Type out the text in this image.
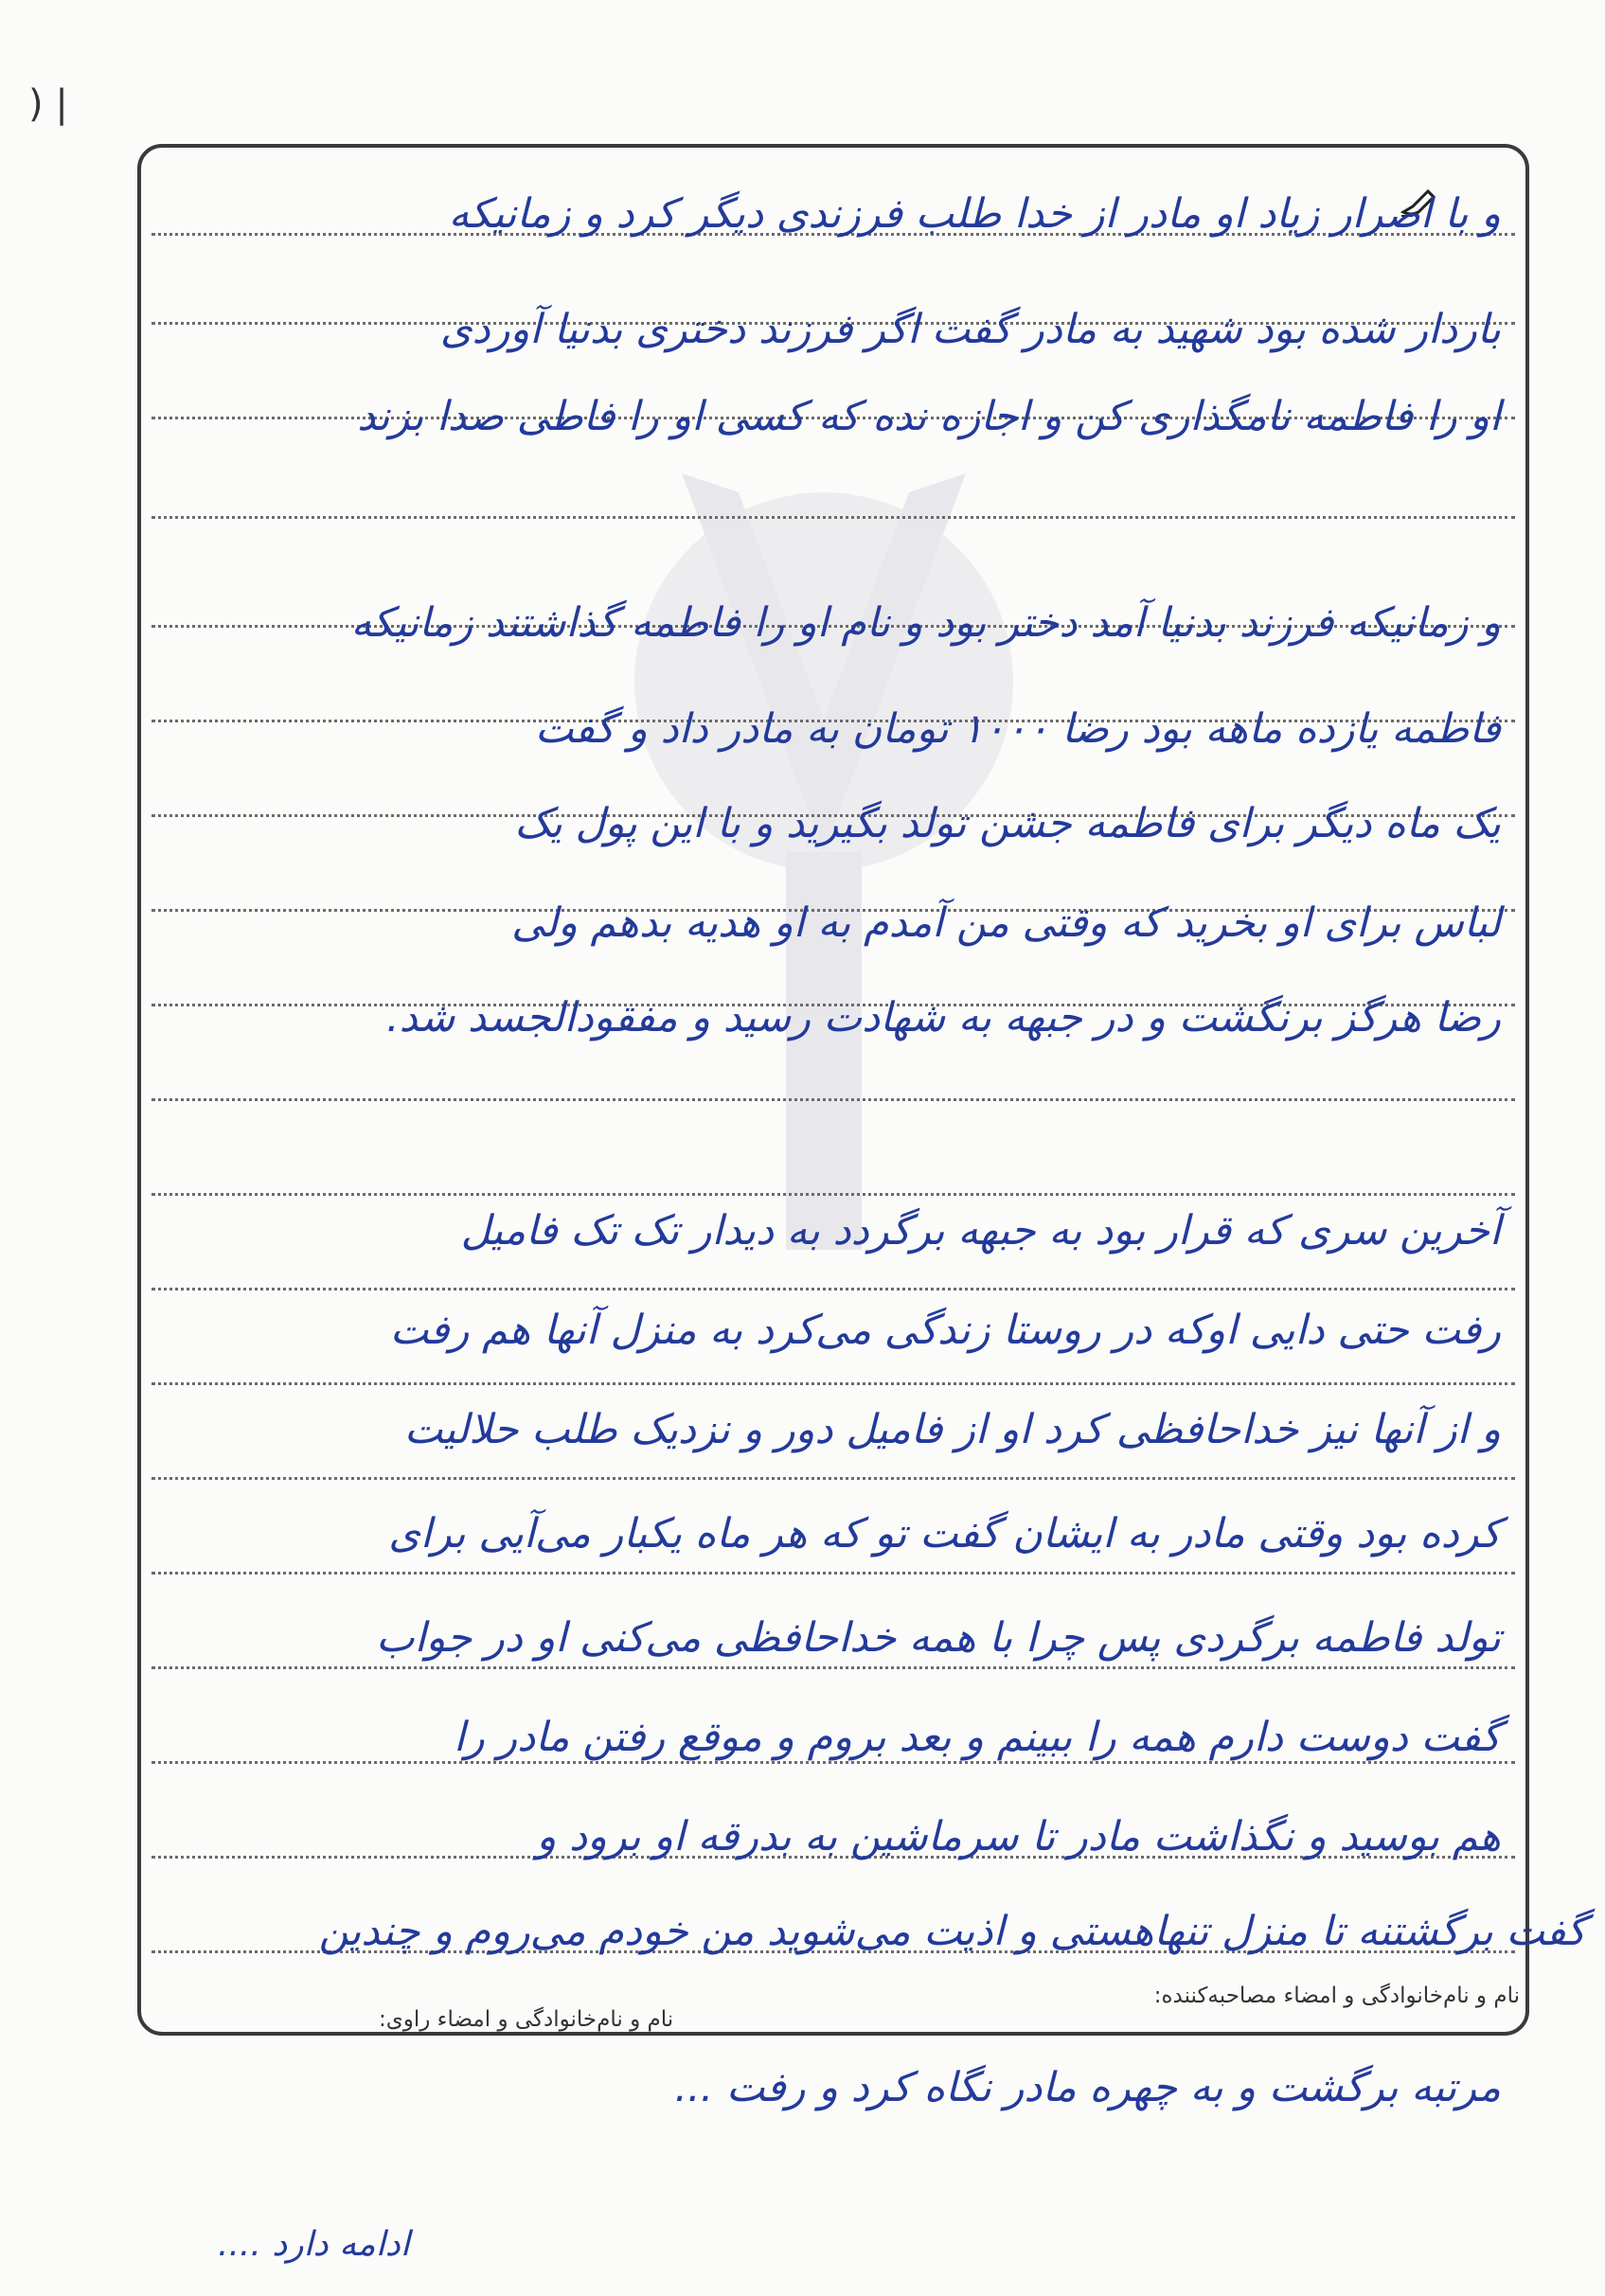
) |
و با اصرار زیاد او مادر از خدا طلب فرزندی دیگر کرد و زمانیکه
باردار شده بود شهید به مادر گفت اگر فرزند دختری بدنیا آوردی
او را فاطمه نامگذاری کن و اجازه نده که کسی او را فاطی صدا بزند
و زمانیکه فرزند بدنیا آمد دختر بود و نام او را فاطمه گذاشتند زمانیکه
فاطمه یازده ماهه بود رضا ۱۰۰۰ تومان به مادر داد و گفت
یک ماه دیگر برای فاطمه جشن تولد بگیرید و با این پول یک
لباس برای او بخرید که وقتی من آمدم به او هدیه بدهم ولی
رضا هرگز برنگشت و در جبهه به شهادت رسید و مفقودالجسد شد.
آخرین سری که قرار بود به جبهه برگردد به دیدار تک تک فامیل
رفت حتی دایی اوکه در روستا زندگی می‌کرد به منزل آنها هم رفت
و از آنها نیز خداحافظی کرد او از فامیل دور و نزدیک طلب حلالیت
کرده بود وقتی مادر به ایشان گفت تو که هر ماه یکبار می‌آیی برای
تولد فاطمه برگردی پس چرا با همه خداحافظی می‌کنی او در جواب
گفت دوست دارم همه را ببینم و بعد بروم و موقع رفتن مادر را
هم بوسید و نگذاشت مادر تا سرماشین به بدرقه او برود و
گفت برگشتنه تا منزل تنهاهستی و اذیت می‌شوید من خودم می‌روم و چندین
نام و نام‌خانوادگی و امضاء مصاحبه‌کننده:
نام و نام‌خانوادگی و امضاء راوی:
مرتبه برگشت و به چهره مادر نگاه کرد و رفت ...
ادامه دارد ....
